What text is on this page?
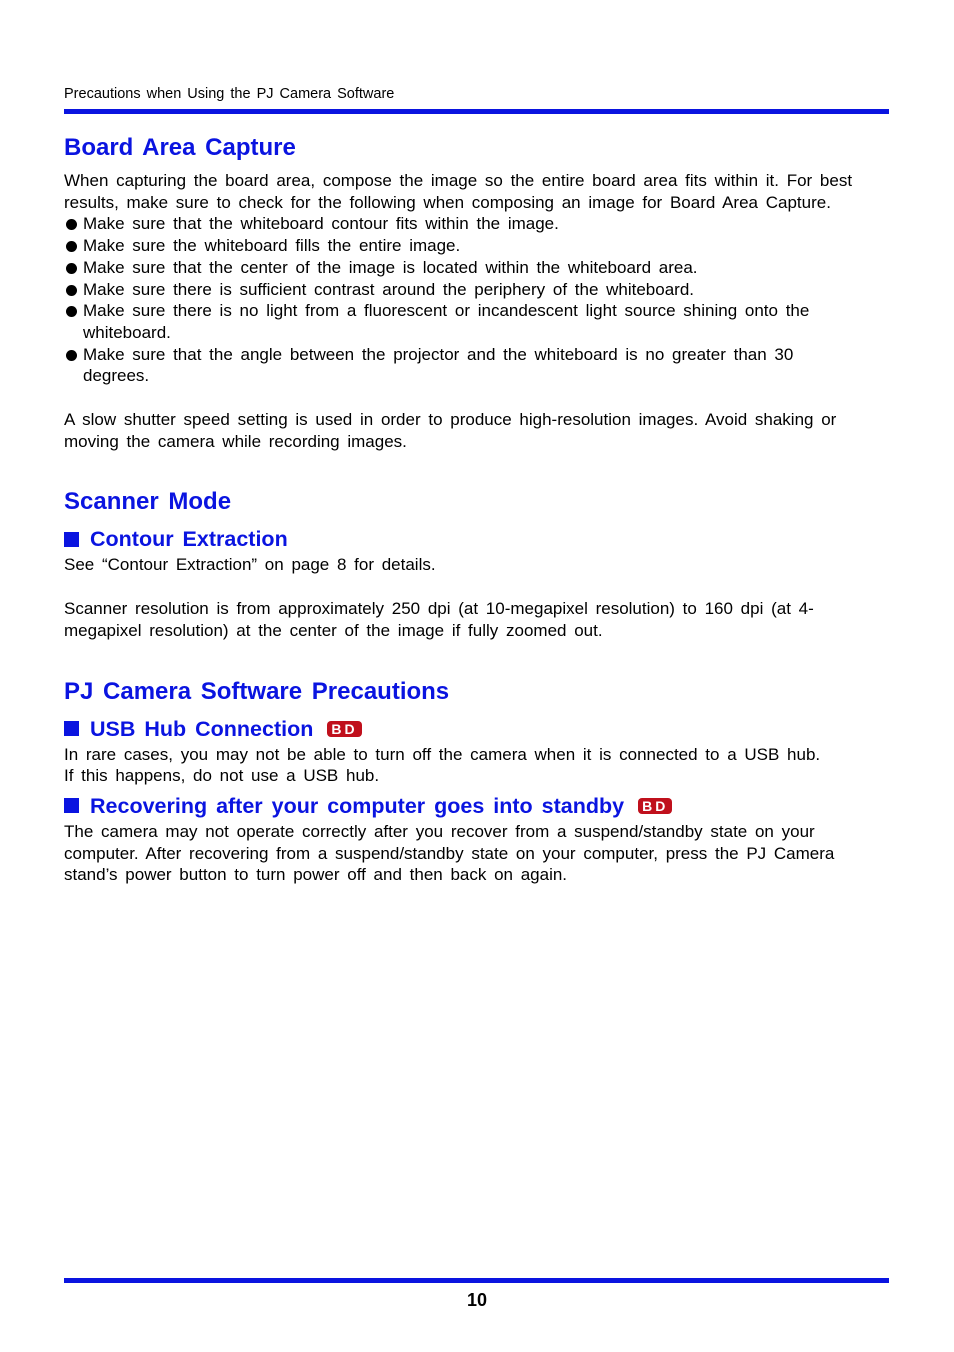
Precautions when Using the PJ Camera Software
Board Area Capture

When capturing the board area, compose the image so the entire board area fits within it. For best results, make sure to check for the following when composing an image for Board Area Capture.

Make sure that the whiteboard contour fits within the image.
Make sure the whiteboard fills the entire image.
Make sure that the center of the image is located within the whiteboard area.
Make sure there is sufficient contrast around the periphery of the whiteboard.
Make sure there is no light from a fluorescent or incandescent light source shining onto the whiteboard.
Make sure that the angle between the projector and the whiteboard is no greater than 30 degrees.

A slow shutter speed setting is used in order to produce high-resolution images. Avoid shaking or moving the camera while recording images.

Scanner Mode
Contour Extraction

See “Contour Extraction” on page 8 for details.

Scanner resolution is from approximately 250 dpi (at 10-megapixel resolution) to 160 dpi (at 4-megapixel resolution) at the center of the image if fully zoomed out.

PJ Camera Software Precautions
USB Hub Connection BD

In rare cases, you may not be able to turn off the camera when it is connected to a USB hub.

If this happens, do not use a USB hub.

Recovering after your computer goes into standby BD

The camera may not operate correctly after you recover from a suspend/standby state on your computer. After recovering from a suspend/standby state on your computer, press the PJ Camera stand’s power button to turn power off and then back on again.

10
